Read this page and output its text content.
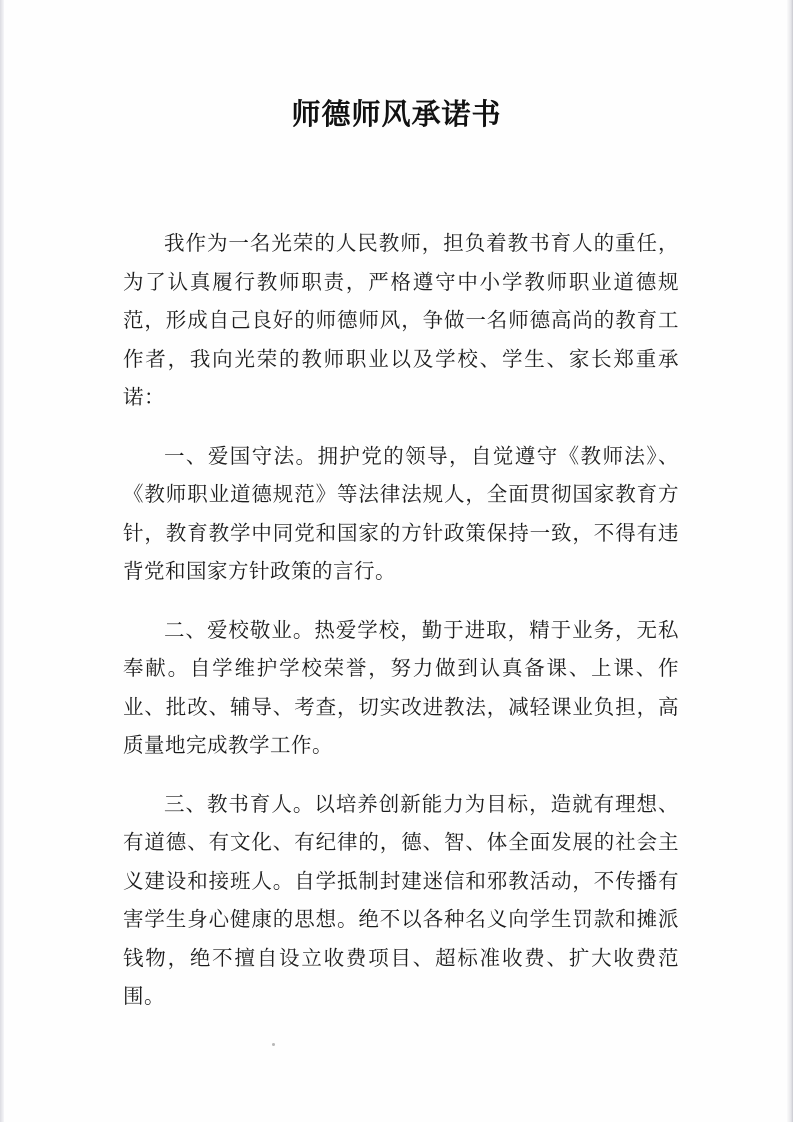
师德师风承诺书

我作为一名光荣的人民教师，担负着教书育人的重任，为了认真履行教师职责，严格遵守中小学教师职业道德规范，形成自己良好的师德师风，争做一名师德高尚的教育工作者，我向光荣的教师职业以及学校、学生、家长郑重承诺：

一、爱国守法。拥护党的领导，自觉遵守《教师法》、《教师职业道德规范》等法律法规人，全面贯彻国家教育方针，教育教学中同党和国家的方针政策保持一致，不得有违背党和国家方针政策的言行。

二、爱校敬业。热爱学校，勤于进取，精于业务，无私奉献。自学维护学校荣誉，努力做到认真备课、上课、作业、批改、辅导、考查，切实改进教法，减轻课业负担，高质量地完成教学工作。

三、教书育人。以培养创新能力为目标，造就有理想、有道德、有文化、有纪律的，德、智、体全面发展的社会主义建设和接班人。自学抵制封建迷信和邪教活动，不传播有害学生身心健康的思想。绝不以各种名义向学生罚款和摊派钱物，绝不擅自设立收费项目、超标准收费、扩大收费范围。
